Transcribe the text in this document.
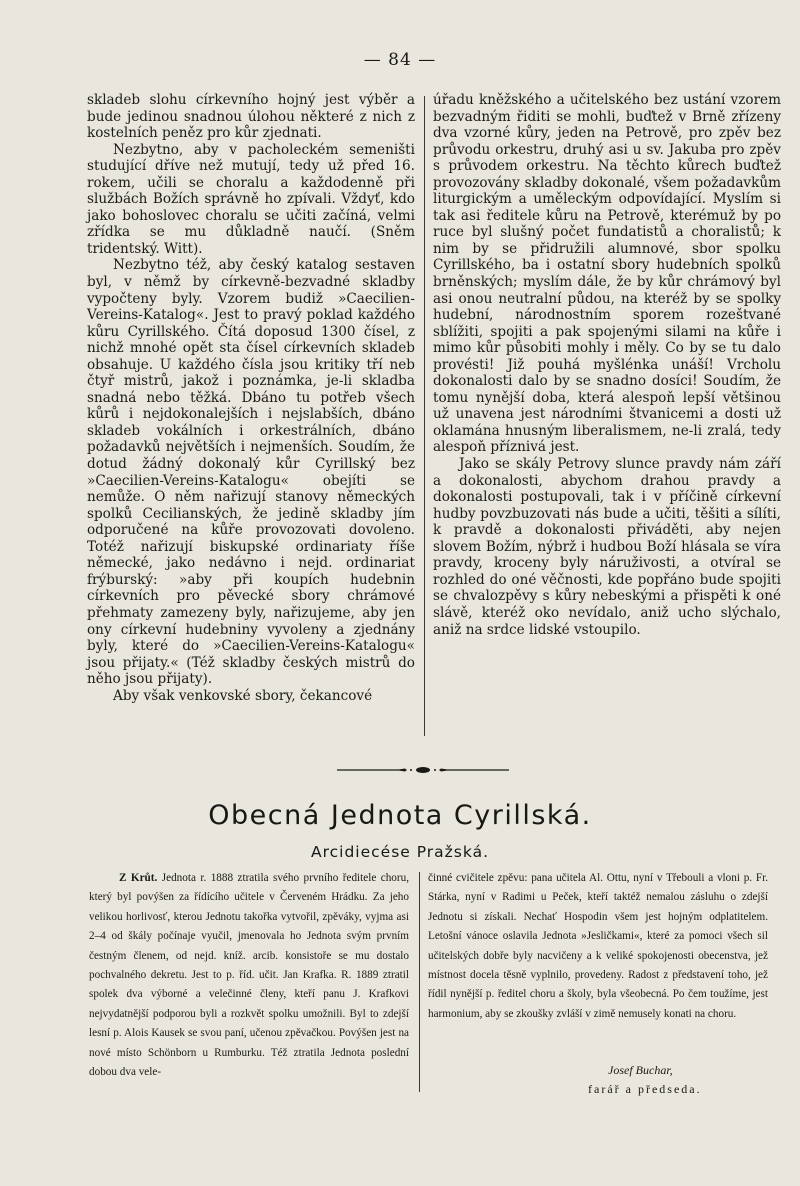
— 84 —

skladeb slohu církevního hojný jest výběr a bude jedinou snadnou úlohou některé z nich z kostelních peněz pro kůr zjednati.

Nezbytno, aby v pacholeckém semeništi studující dříve než mutují, tedy už před 16. rokem, učili se choralu a každodenně při službách Božích správně ho zpívali. Vždyť, kdo jako bohoslovec choralu se učiti začíná, velmi zřídka se mu důkladně naučí. (Sněm tridentský. Witt).

Nezbytno též, aby český katalog sestaven byl, v němž by církevně-bezvadné skladby vypočteny byly. Vzorem budiž »Caecilien-Vereins-Katalog«. Jest to pravý poklad každého kůru Cyrillského. Čítá doposud 1300 čísel, z nichž mnohé opět sta čísel církevních skladeb obsahuje. U každého čísla jsou kritiky tří neb čtyř mistrů, jakož i poznámka, je-li skladba snadná nebo těžká. Dbáno tu potřeb všech kůrů i nejdokonalejších i nejslabších, dbáno skladeb vokálních i orkestrálních, dbáno požadavků největších i nejmenších. Soudím, že dotud žádný dokonalý kůr Cyrillský bez »Caecilien-Vereins-Katalogu« obejíti se nemůže. O něm nařizují stanovy německých spolků Cecilianských, že jedině skladby jím odporučené na kůře provozovati dovoleno. Totéž nařizují biskupské ordinariaty říše německé, jako nedávno i nejd. ordinariat frýburský: »aby při koupích hudebnin církevních pro pěvecké sbory chrámové přehmaty zamezeny byly, nařizujeme, aby jen ony církevní hudebniny vyvoleny a zjednány byly, které do »Caecilien-Vereins-Katalogu« jsou přijaty.« (Též skladby českých mistrů do něho jsou přijaty).

Aby však venkovské sbory, čekancové

úřadu kněžského a učitelského bez ustání vzorem bezvadným řiditi se mohli, buďtež v Brně zřízeny dva vzorné kůry, jeden na Petrově, pro zpěv bez průvodu orkestru, druhý asi u sv. Jakuba pro zpěv s průvodem orkestru. Na těchto kůrech buďtež provozovány skladby dokonalé, všem požadavkům liturgickým a uměleckým odpovídající. Myslím si tak asi ředitele kůru na Petrově, kterémuž by po ruce byl slušný počet fundatistů a choralistů; k nim by se přidružili alumnové, sbor spolku Cyrillského, ba i ostatní sbory hudebních spolků brněnských; myslím dále, že by kůr chrámový byl asi onou neutralní půdou, na kteréž by se spolky hudební, národnostním sporem rozeštvané sblížiti, spojiti a pak spojenými silami na kůře i mimo kůr působiti mohly i měly. Co by se tu dalo provésti! Již pouhá myšlénka unáší! Vrcholu dokonalosti dalo by se snadno dosíci! Soudím, že tomu nynější doba, která alespoň lepší většinou už unavena jest národními štvanicemi a dosti už oklamána hnusným liberalismem, ne-li zralá, tedy alespoň příznivá jest.

Jako se skály Petrovy slunce pravdy nám září a dokonalosti, abychom drahou pravdy a dokonalosti postupovali, tak i v příčině církevní hudby povzbuzovati nás bude a učiti, těšiti a sílíti, k pravdě a dokonalosti přiváděti, aby nejen slovem Božím, nýbrž i hudbou Boží hlásala se víra pravdy, kroceny byly náruživosti, a otvíral se rozhled do oné věčnosti, kde popřáno bude spojiti se chvalozpěvy s kůry nebeskými a přispěti k oné slávě, kteréž oko nevídalo, aniž ucho slýchalo, aniž na srdce lidské vstoupilo.

Obecná Jednota Cyrillská.
Arcidiecése Pražská.

Z Krůt. Jednota r. 1888 ztratila svého prvního ředitele choru, který byl povýšen za řídícího učitele v Červeném Hrádku. Za jeho velikou horlivosť, kterou Jednotu takořka vytvořil, zpěváky, vyjma asi 2–4 od škály počínaje vyučil, jmenovala ho Jednota svým prvním čestným členem, od nejd. kníž. arcib. konsistoře se mu dostalo pochvalného dekretu. Jest to p. říd. učit. Jan Krafka. R. 1889 ztratil spolek dva výborné a velečinné členy, kteří panu J. Krafkovi nejvydatnější podporou byli a rozkvět spolku umožnili. Byl to zdejší lesní p. Alois Kausek se svou paní, učenou zpěvačkou. Povýšen jest na nové místo Schönborn u Rumburku. Též ztratila Jednota poslední dobou dva vele-

činné cvičitele zpěvu: pana učitela Al. Ottu, nyní v Třebouli a vloni p. Fr. Stárka, nyní v Radimi u Peček, kteří taktéž nemalou zásluhu o zdejší Jednotu si získali. Nechať Hospodin všem jest hojným odplatitelem. Letošní vánoce oslavila Jednota »Jesličkami«, které za pomoci všech sil učitelských dobře byly nacvičeny a k veliké spokojenosti obecenstva, jež místnost docela těsně vyplnilo, provedeny. Radost z představení toho, jež řídil nynější p. ředitel choru a školy, byla všeobecná. Po čem toužíme, jest harmonium, aby se zkoušky zvláší v zimě nemusely konati na choru.

Josef Buchar,
farář a předseda.
